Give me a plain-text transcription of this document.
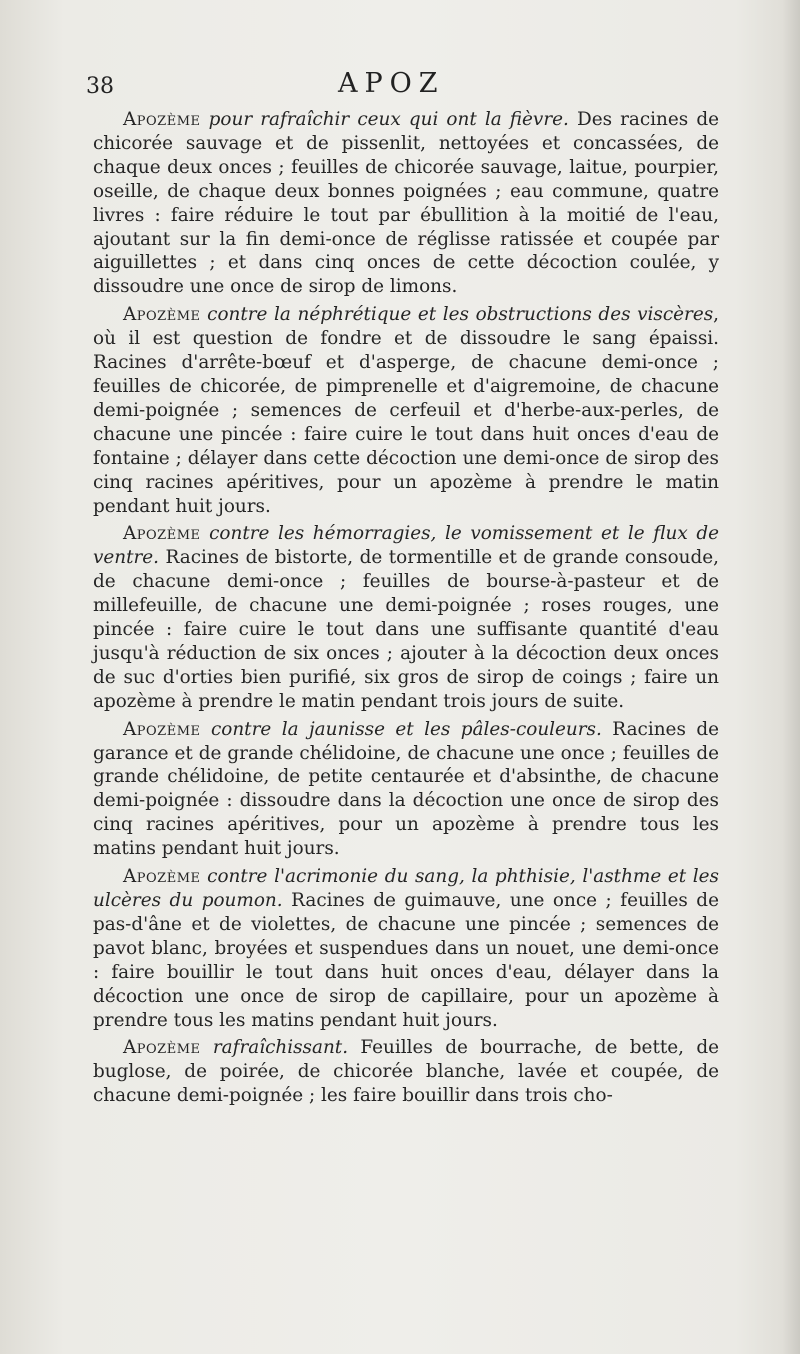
38	APOZ

Apozème pour rafraîchir ceux qui ont la fièvre. Des racines de chicorée sauvage et de pissenlit, nettoyées et concassées, de chaque deux onces ; feuilles de chicorée sauvage, laitue, pourpier, oseille, de chaque deux bonnes poignées ; eau commune, quatre livres : faire réduire le tout par ébullition à la moitié de l'eau, ajoutant sur la fin demi-once de réglisse ratissée et coupée par aiguillettes ; et dans cinq onces de cette décoction coulée, y dissoudre une once de sirop de limons.

Apozème contre la néphrétique et les obstructions des viscères, où il est question de fondre et de dissoudre le sang épaissi. Racines d'arrête-bœuf et d'asperge, de chacune demi-once ; feuilles de chicorée, de pimprenelle et d'aigremoine, de chacune demi-poignée ; semences de cerfeuil et d'herbe-aux-perles, de chacune une pincée : faire cuire le tout dans huit onces d'eau de fontaine ; délayer dans cette décoction une demi-once de sirop des cinq racines apéritives, pour un apozème à prendre le matin pendant huit jours.

Apozème contre les hémorragies, le vomissement et le flux de ventre. Racines de bistorte, de tormentille et de grande consoude, de chacune demi-once ; feuilles de bourse-à-pasteur et de millefeuille, de chacune une demi-poignée ; roses rouges, une pincée : faire cuire le tout dans une suffisante quantité d'eau jusqu'à réduction de six onces ; ajouter à la décoction deux onces de suc d'orties bien purifié, six gros de sirop de coings ; faire un apozème à prendre le matin pendant trois jours de suite.

Apozème contre la jaunisse et les pâles-couleurs. Racines de garance et de grande chélidoine, de chacune une once ; feuilles de grande chélidoine, de petite centaurée et d'absinthe, de chacune demi-poignée : dissoudre dans la décoction une once de sirop des cinq racines apéritives, pour un apozème à prendre tous les matins pendant huit jours.

Apozème contre l'acrimonie du sang, la phthisie, l'asthme et les ulcères du poumon. Racines de guimauve, une once ; feuilles de pas-d'âne et de violettes, de chacune une pincée ; semences de pavot blanc, broyées et suspendues dans un nouet, une demi-once : faire bouillir le tout dans huit onces d'eau, délayer dans la décoction une once de sirop de capillaire, pour un apozème à prendre tous les matins pendant huit jours.

Apozème rafraîchissant. Feuilles de bourrache, de bette, de buglose, de poirée, de chicorée blanche, lavée et coupée, de chacune demi-poignée ; les faire bouillir dans trois cho-
